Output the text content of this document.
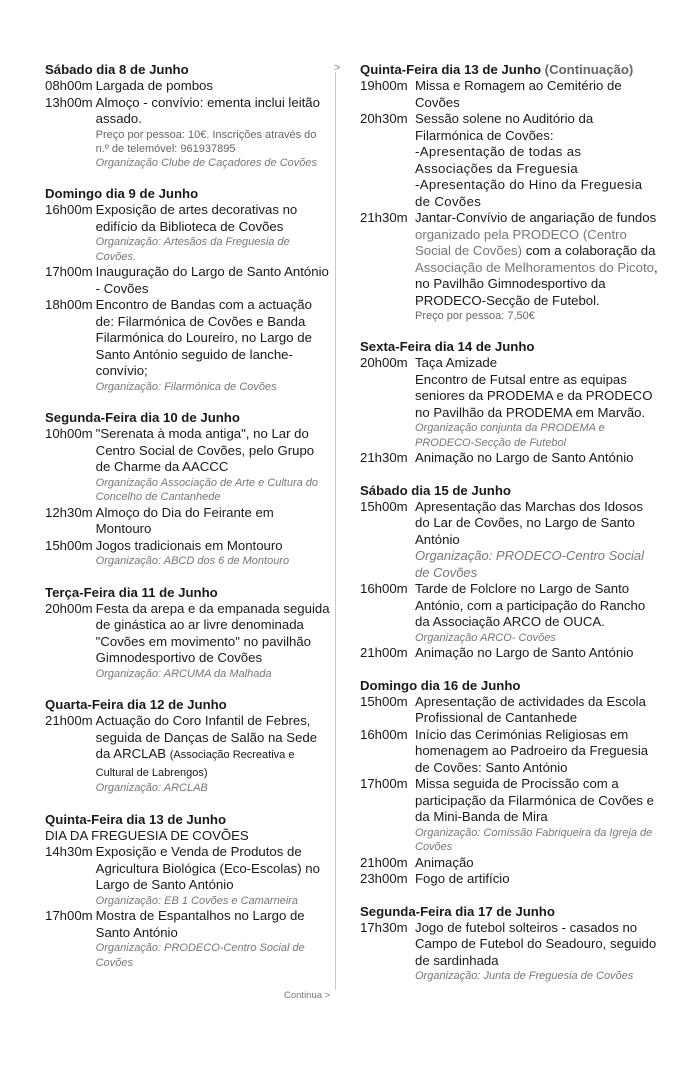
>
Sábado dia 8 de Junho
08h00m Largada de pombos
13h00m Almoço - convívio: ementa inclui leitão assado.
Preço por pessoa: 10€. Inscrições através do n.º de telemóvel: 961937895
Organização Clube de Caçadores de Covões
Domingo dia 9 de Junho
16h00m Exposição de artes decorativas no edifício da Biblioteca de Covões
Organização: Artesãos da Freguesia de Covões.
17h00m Inauguração do Largo de Santo António - Covões
18h00m Encontro de Bandas com a actuação de: Filarmónica de Covões e Banda Filarmónica do Loureiro, no Largo de Santo António seguido de lanche-convívio;
Organização: Filarmónica de Covões
Segunda-Feira dia 10 de Junho
10h00m "Serenata à moda antiga", no Lar do Centro Social de Covões, pelo Grupo de Charme da AACCC
Organização Associação de Arte e Cultura do Concelho de Cantanhede
12h30m Almoço do Dia do Feirante em Montouro
15h00m Jogos tradicionais em Montouro
Organização: ABCD dos 6 de Montouro
Terça-Feira dia 11 de Junho
20h00m Festa da arepa e da empanada seguida de ginástica ao ar livre denominada "Covões em movimento" no pavilhão Gimnodesportivo de Covões
Organização: ARCUMA da Malhada
Quarta-Feira dia 12 de Junho
21h00m Actuação do Coro Infantil de Febres, seguida de Danças de Salão na Sede da ARCLAB (Associação Recreativa e Cultural de Labrengos)
Organização: ARCLAB
Quinta-Feira dia 13 de Junho
DIA DA FREGUESIA DE COVÕES
14h30m Exposição e Venda de Produtos de Agricultura Biológica (Eco-Escolas) no Largo de Santo António
Organização: EB 1 Covões e Camarneira
17h00m Mostra de Espantalhos no Largo de Santo António
Organização: PRODECO-Centro Social de Covões
Continua >
Quinta-Feira dia 13 de Junho (Continuação)
19h00m Missa e Romagem ao Cemitério de Covões
20h30m Sessão solene no Auditório da Filarmónica de Covões:
-Apresentação de todas as Associações da Freguesia
-Apresentação do Hino da Freguesia de Covões
21h30m Jantar-Convívio de angariação de fundos organizado pela PRODECO (Centro Social de Covões) com a colaboração da Associação de Melhoramentos do Picoto, no Pavilhão Gimnodesportivo da PRODECO-Secção de Futebol.
Preço por pessoa: 7,50€
Sexta-Feira dia 14 de Junho
20h00m Taça Amizade
Encontro de Futsal entre as equipas seniores da PRODEMA e da PRODECO no Pavilhão da PRODEMA em Marvão.
Organização conjunta da PRODEMA e PRODECO-Secção de Futebol
21h30m Animação no Largo de Santo António
Sábado dia 15 de Junho
15h00m Apresentação das Marchas dos Idosos do Lar de Covões, no Largo de Santo António
Organização: PRODECO-Centro Social de Covões
16h00m Tarde de Folclore no Largo de Santo António, com a participação do Rancho da Associação ARCO de OUCA.
Organização ARCO- Covões
21h00m Animação no Largo de Santo António
Domingo dia 16 de Junho
15h00m Apresentação de actividades da Escola Profissional de Cantanhede
16h00m Início das Cerimónias Religiosas em homenagem ao Padroeiro da Freguesia de Covões: Santo António
17h00m Missa seguida de Procissão com a participação da Filarmónica de Covões e da Mini-Banda de Mira
Organização: Comissão Fabriqueira da Igreja de Covões
21h00m Animação
23h00m Fogo de artifício
Segunda-Feira dia 17 de Junho
17h30m Jogo de futebol solteiros - casados no Campo de Futebol do Seadouro, seguido de sardinhada
Organização: Junta de Freguesia de Covões
